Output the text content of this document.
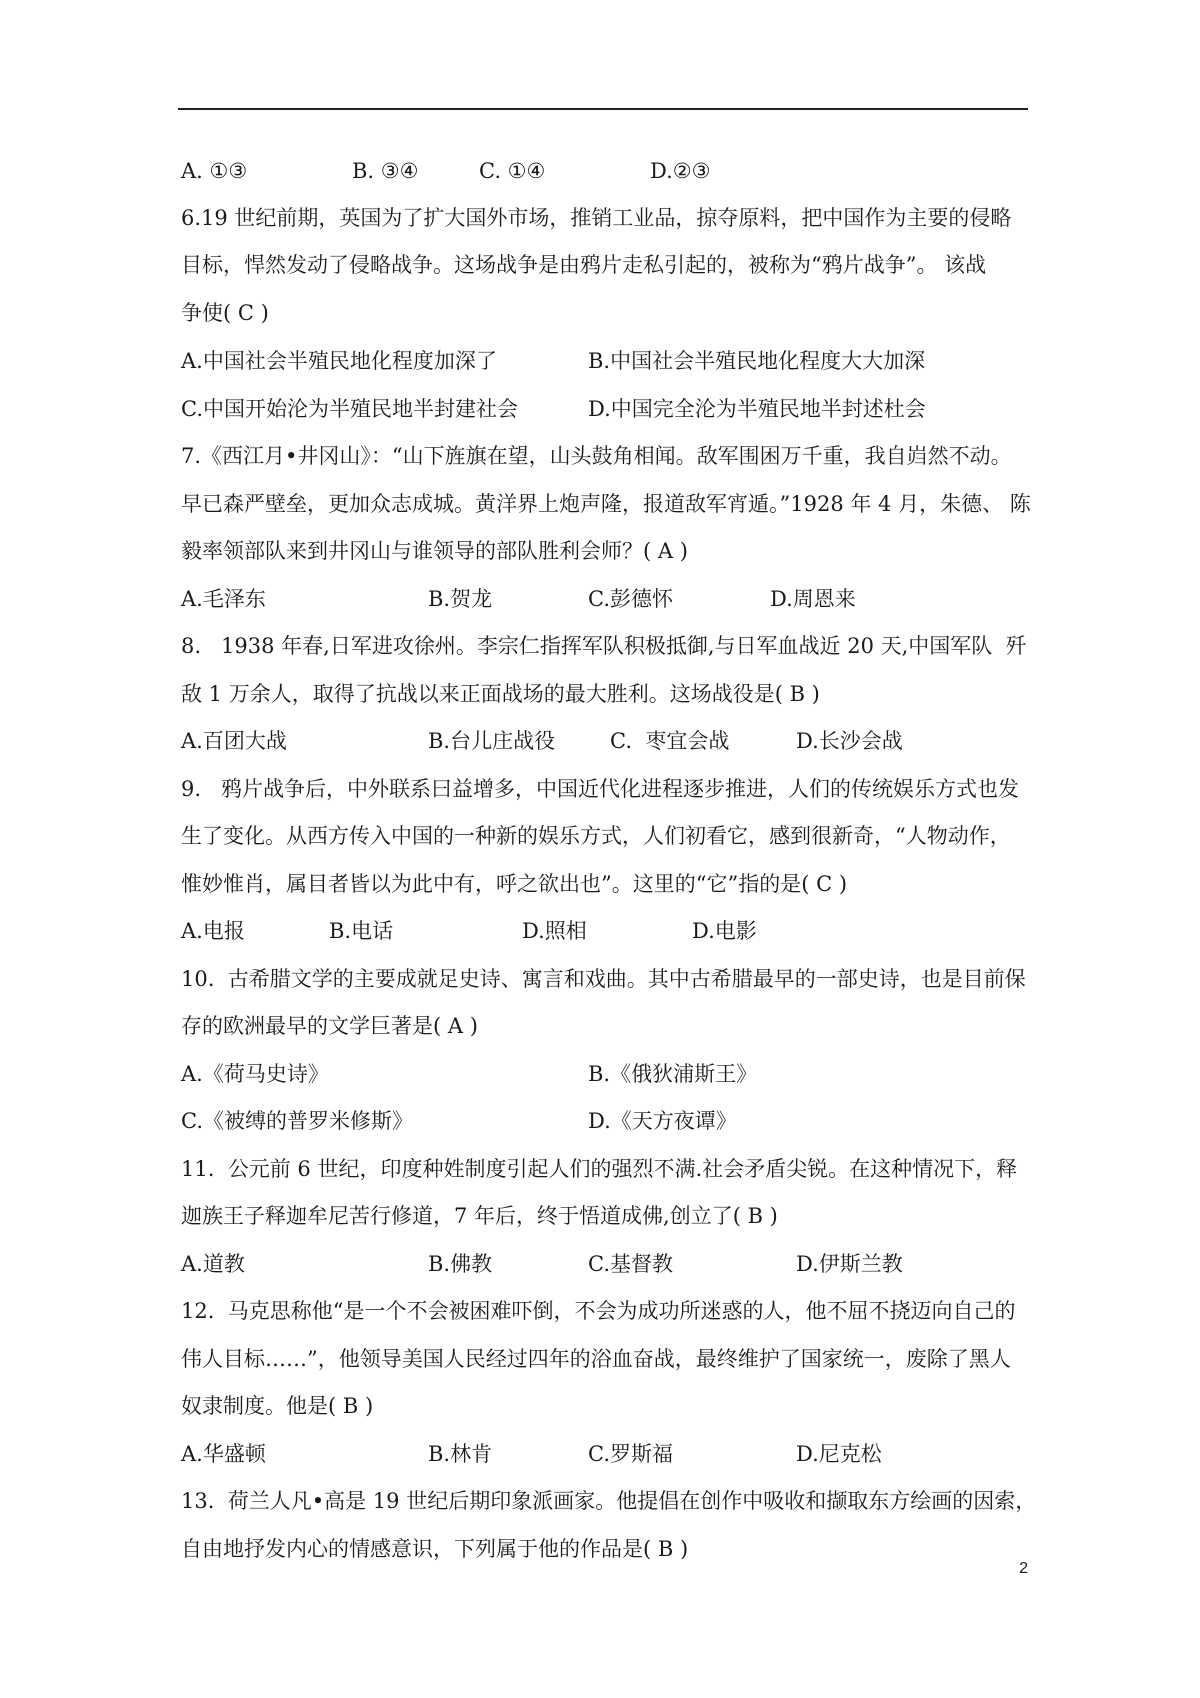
A. ①③	B. ③④	C. ①④	D.②③
6.19 世纪前期，英国为了扩大国外市场，推销工业品，掠夺原料，把中国作为主要的侵略
目标，悍然发动了侵略战争。这场战争是由鸦片走私引起的，被称为“鸦片战争”。 该战
争使( C )
A.中国社会半殖民地化程度加深了	B.中国社会半殖民地化程度大大加深
C.中国开始沦为半殖民地半封建社会	D.中国完全沦为半殖民地半封述杜会
7.《西江月•井冈山》：“山下旌旗在望，山头鼓角相闻。敌军围困万千重，我自岿然不动。
早已森严壁垒，更加众志成城。黄洋界上炮声隆，报道敌军宵遁。”1928 年 4 月，朱德、 陈
毅率领部队来到井冈山与谁领导的部队胜利会师？( A )
A.毛泽东	B.贺龙	C.彭德怀	D.周恩来
8.   1938 年春,日军进攻徐州。李宗仁指挥军队积极抵御,与日军血战近 20 天,中国军队  歼
敌 1 万余人，取得了抗战以来正面战场的最大胜利。这场战役是( B )
A.百团大战	B.台儿庄战役	C.  枣宜会战	D.长沙会战
9.   鸦片战争后，中外联系曰益增多，中国近代化进程逐步推进，人们的传统娱乐方式也发
生了变化。从西方传入中国的一种新的娱乐方式，人们初看它，感到很新奇，“人物动作，
惟妙惟肖，属目者皆以为此中有，呼之欲出也”。这里的“它”指的是( C )
A.电报	B.电话	D.照相	D.电影
10.  古希腊文学的主要成就足史诗、寓言和戏曲。其中古希腊最早的一部史诗，也是目前保
存的欧洲最早的文学巨著是( A )
A.《荷马史诗》	B.《俄狄浦斯王》
C.《被缚的普罗米修斯》	D.《天方夜谭》
11.  公元前 6 世纪，印度种姓制度引起人们的强烈不满.社会矛盾尖锐。在这种情况下，释
迦族王子释迦牟尼苦行修道，7 年后，终于悟道成佛,创立了( B )
A.道教	B.佛教	C.基督教	D.伊斯兰教
12.  马克思称他“是一个不会被困难吓倒，不会为成功所迷惑的人，他不屈不挠迈向自己的
伟人目标……”，他领导美国人民经过四年的浴血奋战，最终维护了国家统一，废除了黑人
奴隶制度。他是( B )
A.华盛顿	B.林肯	C.罗斯福	D.尼克松
13.  荷兰人凡•高是 19 世纪后期印象派画家。他提倡在创作中吸收和撷取东方绘画的因索，
自由地抒发内心的情感意识，下列属于他的作品是( B )
2
